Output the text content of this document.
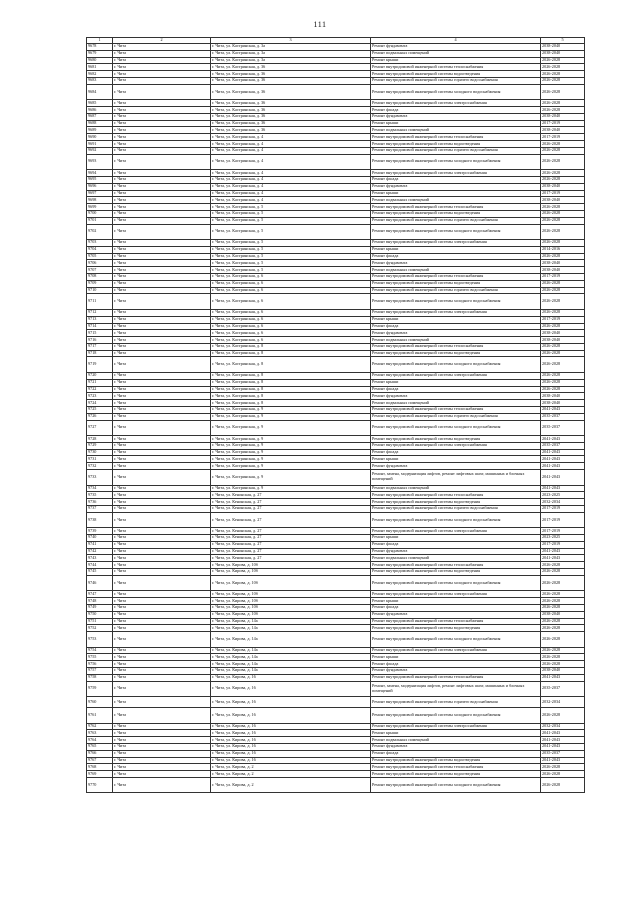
111
1	2	3	4	5
9678	г. Чита	г. Чита, ул. Кастринская, д. 3а	Ремонт фундамента	2038-2040
9679	г. Чита	г. Чита, ул. Кастринская, д. 3а	Ремонт подвальных помещений	2038-2040
9680	г. Чита	г. Чита, ул. Кастринская, д. 3а	Ремонт крыши	2026-2028
9681	г. Чита	г. Чита, ул. Кастринская, д. 36	Ремонт внутридомовой инженерной системы теплоснабжения	2026-2028
9682	г. Чита	г. Чита, ул. Кастринская, д. 36	Ремонт внутридомовой инженерной системы водоотведения	2026-2028
9683	г. Чита	г. Чита, ул. Кастринская, д. 36	Ремонт внутридомовой инженерной системы горячего водоснабжения	2026-2028
9684	г. Чита	г. Чита, ул. Кастринская, д. 36	Ремонт внутридомовой инженерной системы холодного водоснабжения	2026-2028
9685	г. Чита	г. Чита, ул. Кастринская, д. 36	Ремонт внутридомовой инженерной системы электроснабжения	2026-2028
9686	г. Чита	г. Чита, ул. Кастринская, д. 36	Ремонт фасада	2026-2028
9687	г. Чита	г. Чита, ул. Кастринская, д. 36	Ремонт фундамента	2038-2040
9688	г. Чита	г. Чита, ул. Кастринская, д. 36	Ремонт крыши	2017-2019
9689	г. Чита	г. Чита, ул. Кастринская, д. 36	Ремонт подвальных помещений	2038-2040
9690	г. Чита	г. Чита, ул. Кастринская, д. 4	Ремонт внутридомовой инженерной системы теплоснабжения	2017-2019
9691	г. Чита	г. Чита, ул. Кастринская, д. 4	Ремонт внутридомовой инженерной системы водоотведения	2026-2028
9692	г. Чита	г. Чита, ул. Кастринская, д. 4	Ремонт внутридомовой инженерной системы горячего водоснабжения	2026-2028
9693	г. Чита	г. Чита, ул. Кастринская, д. 4	Ремонт внутридомовой инженерной системы холодного водоснабжения	2026-2028
9694	г. Чита	г. Чита, ул. Кастринская, д. 4	Ремонт внутридомовой инженерной системы электроснабжения	2026-2028
9695	г. Чита	г. Чита, ул. Кастринская, д. 4	Ремонт фасада	2026-2028
9696	г. Чита	г. Чита, ул. Кастринская, д. 4	Ремонт фундамента	2038-2040
9697	г. Чита	г. Чита, ул. Кастринская, д. 4	Ремонт крыши	2017-2019
9698	г. Чита	г. Чита, ул. Кастринская, д. 4	Ремонт подвальных помещений	2038-2040
9699	г. Чита	г. Чита, ул. Кастринская, д. 5	Ремонт внутридомовой инженерной системы теплоснабжения	2026-2028
9700	г. Чита	г. Чита, ул. Кастринская, д. 5	Ремонт внутридомовой инженерной системы водоотведения	2026-2028
9701	г. Чита	г. Чита, ул. Кастринская, д. 5	Ремонт внутридомовой инженерной системы горячего водоснабжения	2026-2028
9702	г. Чита	г. Чита, ул. Кастринская, д. 5	Ремонт внутридомовой инженерной системы холодного водоснабжения	2026-2028
9703	г. Чита	г. Чита, ул. Кастринская, д. 5	Ремонт внутридомовой инженерной системы электроснабжения	2026-2028
9704	г. Чита	г. Чита, ул. Кастринская, д. 5	Ремонт крыши	2014-2016
9705	г. Чита	г. Чита, ул. Кастринская, д. 5	Ремонт фасада	2026-2028
9706	г. Чита	г. Чита, ул. Кастринская, д. 5	Ремонт фундамента	2038-2040
9707	г. Чита	г. Чита, ул. Кастринская, д. 5	Ремонт подвальных помещений	2038-2040
9708	г. Чита	г. Чита, ул. Кастринская, д. 6	Ремонт внутридомовой инженерной системы теплоснабжения	2017-2019
9709	г. Чита	г. Чита, ул. Кастринская, д. 6	Ремонт внутридомовой инженерной системы водоотведения	2026-2028
9710	г. Чита	г. Чита, ул. Кастринская, д. 6	Ремонт внутридомовой инженерной системы горячего водоснабжения	2026-2028
9711	г. Чита	г. Чита, ул. Кастринская, д. 6	Ремонт внутридомовой инженерной системы холодного водоснабжения	2026-2028
9712	г. Чита	г. Чита, ул. Кастринская, д. 6	Ремонт внутридомовой инженерной системы электроснабжения	2026-2028
9713	г. Чита	г. Чита, ул. Кастринская, д. 6	Ремонт крыши	2017-2019
9714	г. Чита	г. Чита, ул. Кастринская, д. 6	Ремонт фасада	2026-2028
9715	г. Чита	г. Чита, ул. Кастринская, д. 6	Ремонт фундамента	2038-2040
9716	г. Чита	г. Чита, ул. Кастринская, д. 6	Ремонт подвальных помещений	2038-2040
9717	г. Чита	г. Чита, ул. Кастринская, д. 8	Ремонт внутридомовой инженерной системы теплоснабжения	2026-2028
9718	г. Чита	г. Чита, ул. Кастринская, д. 8	Ремонт внутридомовой инженерной системы водоотведения	2026-2028
9719	г. Чита	г. Чита, ул. Кастринская, д. 8	Ремонт внутридомовой инженерной системы холодного водоснабжения	2026-2028
9720	г. Чита	г. Чита, ул. Кастринская, д. 8	Ремонт внутридомовой инженерной системы электроснабжения	2026-2028
9721	г. Чита	г. Чита, ул. Кастринская, д. 8	Ремонт крыши	2026-2028
9722	г. Чита	г. Чита, ул. Кастринская, д. 8	Ремонт фасада	2026-2028
9723	г. Чита	г. Чита, ул. Кастринская, д. 8	Ремонт фундамента	2038-2040
9724	г. Чита	г. Чита, ул. Кастринская, д. 8	Ремонт подвальных помещений	2038-2040
9725	г. Чита	г. Чита, ул. Кастринская, д. 9	Ремонт внутридомовой инженерной системы теплоснабжения	2041-2043
9726	г. Чита	г. Чита, ул. Кастринская, д. 9	Ремонт внутридомовой инженерной системы горячего водоснабжения	2035-2037
9727	г. Чита	г. Чита, ул. Кастринская, д. 9	Ремонт внутридомовой инженерной системы холодного водоснабжения	2035-2037
9728	г. Чита	г. Чита, ул. Кастринская, д. 9	Ремонт внутридомовой инженерной системы водоотведения	2041-2043
9729	г. Чита	г. Чита, ул. Кастринская, д. 9	Ремонт внутридомовой инженерной системы электроснабжения	2035-2037
9730	г. Чита	г. Чита, ул. Кастринская, д. 9	Ремонт фасада	2041-2043
9731	г. Чита	г. Чита, ул. Кастринская, д. 9	Ремонт крыши	2041-2043
9732	г. Чита	г. Чита, ул. Кастринская, д. 9	Ремонт фундамента	2041-2043
9733	г. Чита	г. Чита, ул. Кастринская, д. 9	Ремонт, замена, модернизация лифтов, ремонт лифтовых шахт, машинных и блочных помещений	2041-2043
9734	г. Чита	г. Чита, ул. Кастринская, д. 9	Ремонт подвальных помещений	2041-2043
9735	г. Чита	г. Чита, ул. Кенонская, д. 27	Ремонт внутридомовой инженерной системы теплоснабжения	2023-2025
9736	г. Чита	г. Чита, ул. Кенонская, д. 27	Ремонт внутридомовой инженерной системы водоотведения	2032-2034
9737	г. Чита	г. Чита, ул. Кенонская, д. 27	Ремонт внутридомовой инженерной системы горячего водоснабжения	2017-2019
9738	г. Чита	г. Чита, ул. Кенонская, д. 27	Ремонт внутридомовой инженерной системы холодного водоснабжения	2017-2019
9739	г. Чита	г. Чита, ул. Кенонская, д. 27	Ремонт внутридомовой инженерной системы электроснабжения	2017-2019
9740	г. Чита	г. Чита, ул. Кенонская, д. 27	Ремонт крыши	2023-2025
9741	г. Чита	г. Чита, ул. Кенонская, д. 27	Ремонт фасада	2017-2019
9742	г. Чита	г. Чита, ул. Кенонская, д. 27	Ремонт фундамента	2041-2043
9743	г. Чита	г. Чита, ул. Кенонская, д. 27	Ремонт подвальных помещений	2041-2043
9744	г. Чита	г. Чита, ул. Кирова, д. 10б	Ремонт внутридомовой инженерной системы теплоснабжения	2026-2028
9745	г. Чита	г. Чита, ул. Кирова, д. 10б	Ремонт внутридомовой инженерной системы водоотведения	2026-2028
9746	г. Чита	г. Чита, ул. Кирова, д. 10б	Ремонт внутридомовой инженерной системы холодного водоснабжения	2026-2028
9747	г. Чита	г. Чита, ул. Кирова, д. 10б	Ремонт внутридомовой инженерной системы электроснабжения	2026-2028
9748	г. Чита	г. Чита, ул. Кирова, д. 10б	Ремонт крыши	2026-2028
9749	г. Чита	г. Чита, ул. Кирова, д. 10б	Ремонт фасада	2026-2028
9750	г. Чита	г. Чита, ул. Кирова, д. 10б	Ремонт фундамента	2038-2040
9751	г. Чита	г. Чита, ул. Кирова, д. 14а	Ремонт внутридомовой инженерной системы теплоснабжения	2026-2028
9752	г. Чита	г. Чита, ул. Кирова, д. 14а	Ремонт внутридомовой инженерной системы водоотведения	2026-2028
9753	г. Чита	г. Чита, ул. Кирова, д. 14а	Ремонт внутридомовой инженерной системы холодного водоснабжения	2026-2028
9754	г. Чита	г. Чита, ул. Кирова, д. 14а	Ремонт внутридомовой инженерной системы электроснабжения	2026-2028
9755	г. Чита	г. Чита, ул. Кирова, д. 14а	Ремонт крыши	2026-2028
9756	г. Чита	г. Чита, ул. Кирова, д. 14а	Ремонт фасада	2026-2028
9757	г. Чита	г. Чита, ул. Кирова, д. 14а	Ремонт фундамента	2038-2040
9758	г. Чита	г. Чита, ул. Кирова, д. 16	Ремонт внутридомовой инженерной системы теплоснабжения	2041-2043
9759	г. Чита	г. Чита, ул. Кирова, д. 16	Ремонт, замена, модернизация лифтов, ремонт лифтовых шахт, машинных и блочных помещений	2035-2037
9760	г. Чита	г. Чита, ул. Кирова, д. 16	Ремонт внутридомовой инженерной системы горячего водоснабжения	2032-2034
9761	г. Чита	г. Чита, ул. Кирова, д. 16	Ремонт внутридомовой инженерной системы холодного водоснабжения	2026-2028
9762	г. Чита	г. Чита, ул. Кирова, д. 16	Ремонт внутридомовой инженерной системы электроснабжения	2032-2034
9763	г. Чита	г. Чита, ул. Кирова, д. 16	Ремонт крыши	2041-2043
9764	г. Чита	г. Чита, ул. Кирова, д. 16	Ремонт подвальных помещений	2041-2043
9765	г. Чита	г. Чита, ул. Кирова, д. 16	Ремонт фундамента	2041-2043
9766	г. Чита	г. Чита, ул. Кирова, д. 16	Ремонт фасада	2035-2037
9767	г. Чита	г. Чита, ул. Кирова, д. 16	Ремонт внутридомовой инженерной системы водоотведения	2041-2043
9768	г. Чита	г. Чита, ул. Кирова, д. 2	Ремонт внутридомовой инженерной системы теплоснабжения	2026-2028
9769	г. Чита	г. Чита, ул. Кирова, д. 2	Ремонт внутридомовой инженерной системы водоотведения	2026-2028
9770	г. Чита	г. Чита, ул. Кирова, д. 2	Ремонт внутридомовой инженерной системы холодного водоснабжения	2026-2028
